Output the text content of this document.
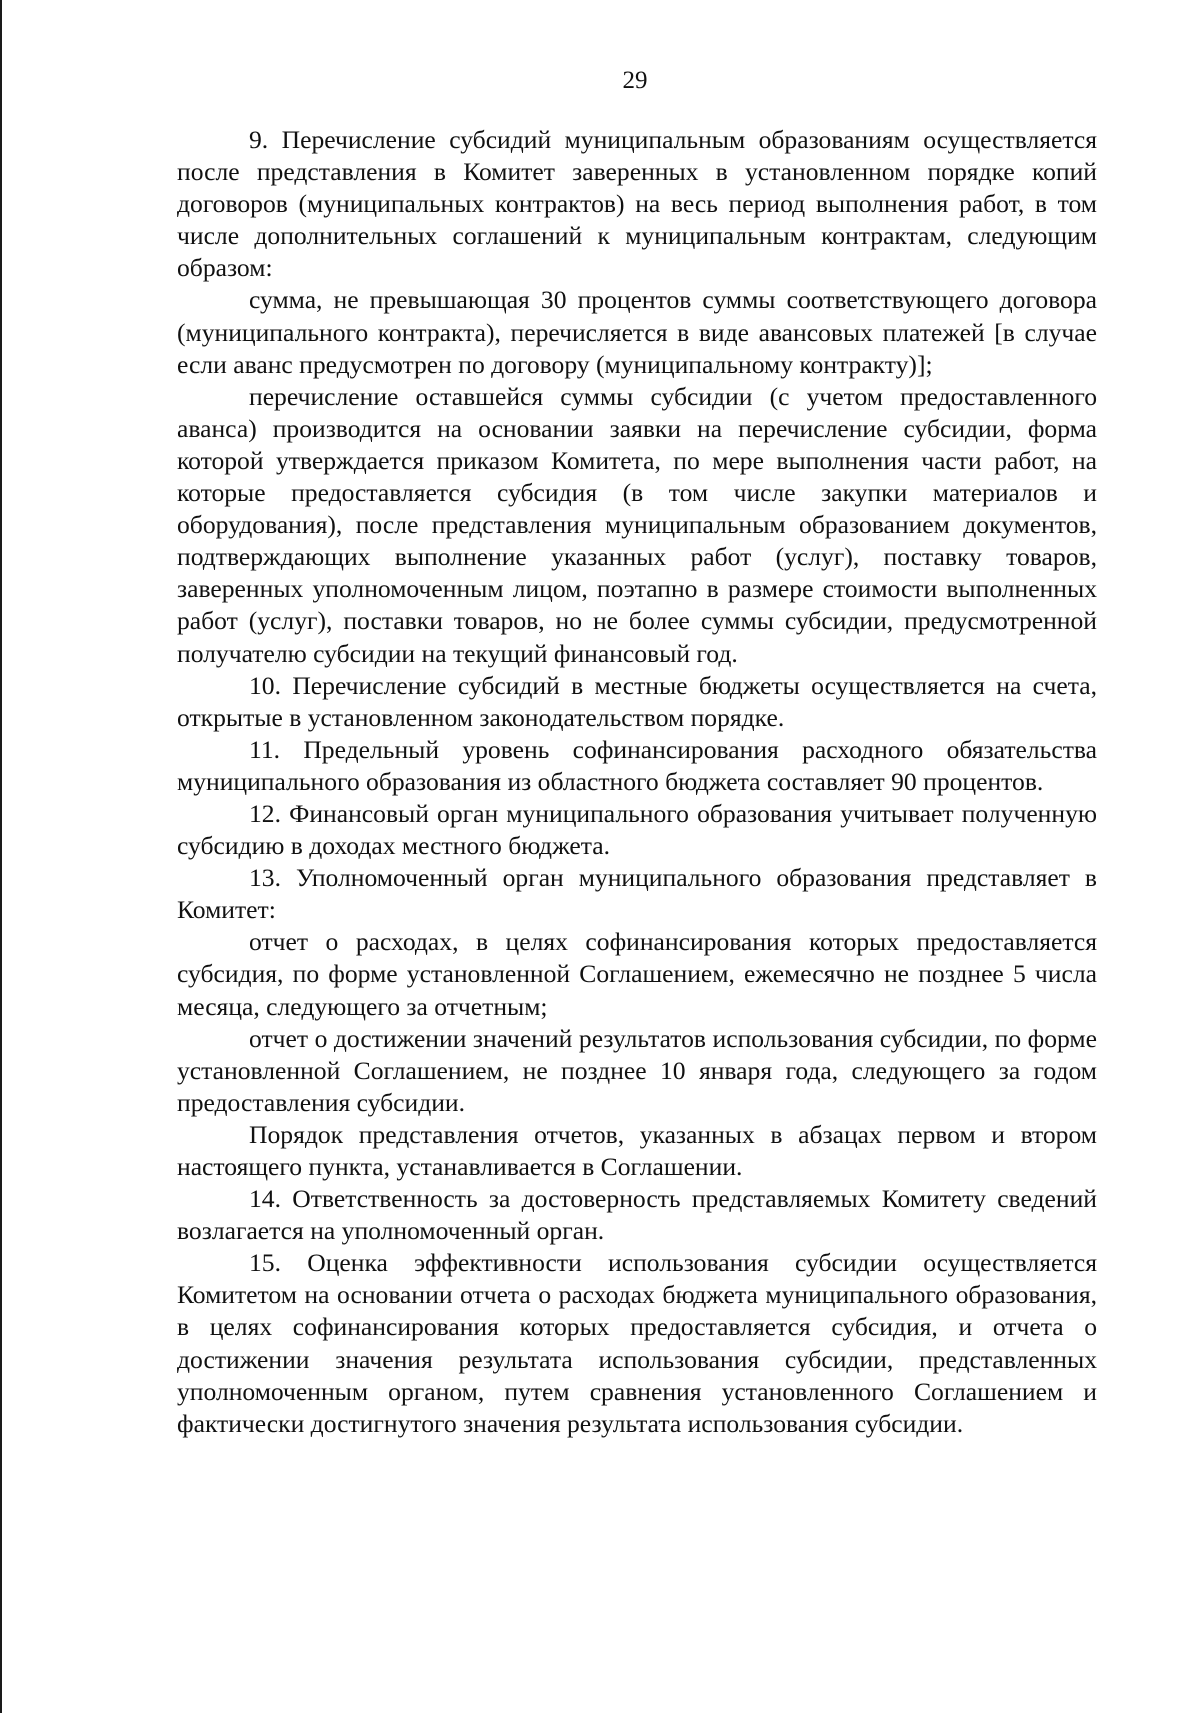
29

9. Перечисление субсидий муниципальным образованиям осуществляется после представления в Комитет заверенных в установленном порядке копий договоров (муниципальных контрактов) на весь период выполнения работ, в том числе дополнительных соглашений к муниципальным контрактам, следующим образом:

сумма, не превышающая 30 процентов суммы соответствующего договора (муниципального контракта), перечисляется в виде авансовых платежей [в случае если аванс предусмотрен по договору (муниципальному контракту)];

перечисление оставшейся суммы субсидии (с учетом предоставленного аванса) производится на основании заявки на перечисление субсидии, форма которой утверждается приказом Комитета, по мере выполнения части работ, на которые предоставляется субсидия (в том числе закупки материалов и оборудования), после представления муниципальным образованием документов, подтверждающих выполнение указанных работ (услуг), поставку товаров, заверенных уполномоченным лицом, поэтапно в размере стоимости выполненных работ (услуг), поставки товаров, но не более суммы субсидии, предусмотренной получателю субсидии на текущий финансовый год.

10. Перечисление субсидий в местные бюджеты осуществляется на счета, открытые в установленном законодательством порядке.

11. Предельный уровень софинансирования расходного обязательства муниципального образования из областного бюджета составляет 90 процентов.

12. Финансовый орган муниципального образования учитывает полученную субсидию в доходах местного бюджета.

13. Уполномоченный орган муниципального образования представляет в Комитет:

отчет о расходах, в целях софинансирования которых предоставляется субсидия, по форме установленной Соглашением, ежемесячно не позднее 5 числа месяца, следующего за отчетным;

отчет о достижении значений результатов использования субсидии, по форме установленной Соглашением, не позднее 10 января года, следующего за годом предоставления субсидии.

Порядок представления отчетов, указанных в абзацах первом и втором настоящего пункта, устанавливается в Соглашении.

14. Ответственность за достоверность представляемых Комитету сведений возлагается на уполномоченный орган.

15. Оценка эффективности использования субсидии осуществляется Комитетом на основании отчета о расходах бюджета муниципального образования, в целях софинансирования которых предоставляется субсидия, и отчета о достижении значения результата использования субсидии, представленных уполномоченным органом, путем сравнения установленного Соглашением и фактически достигнутого значения результата использования субсидии.
